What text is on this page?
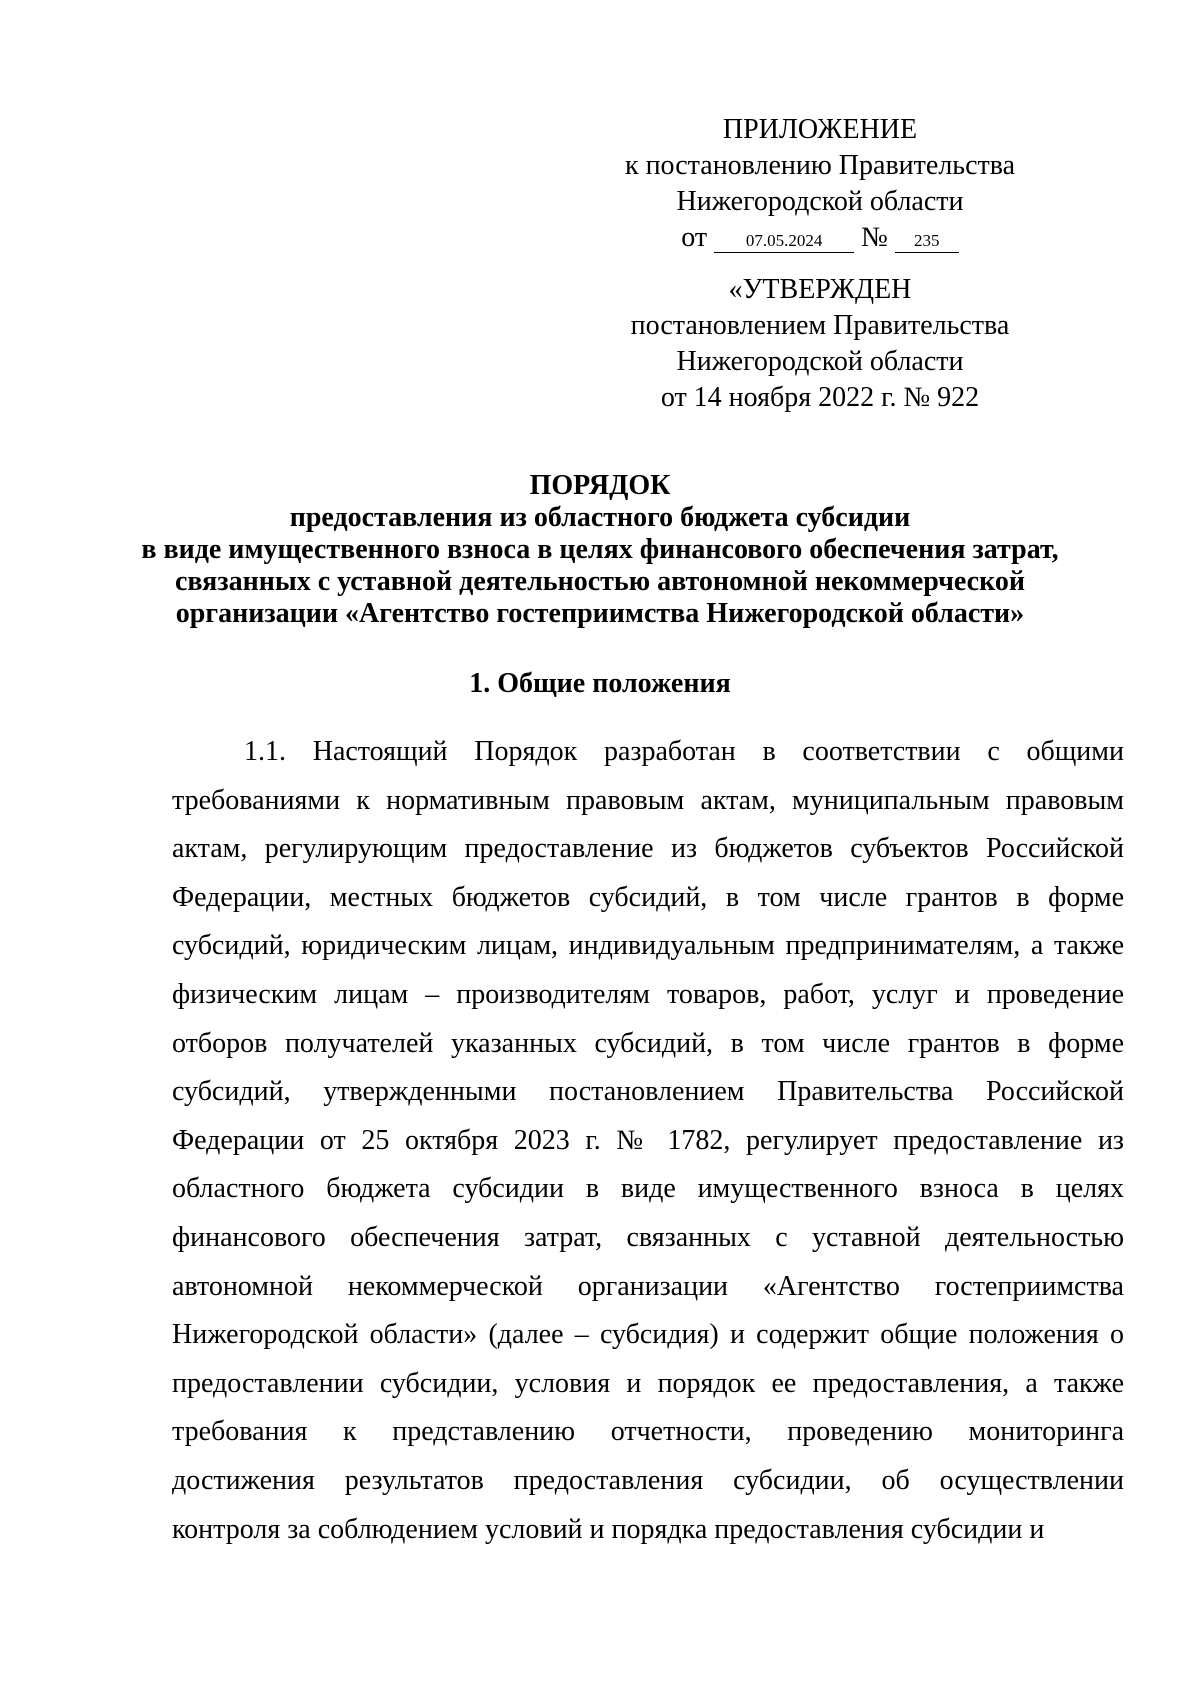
ПРИЛОЖЕНИЕ
к постановлению Правительства
Нижегородской области
от 07.05.2024 № 235
«УТВЕРЖДЕН
постановлением Правительства
Нижегородской области
от 14 ноября 2022 г. № 922
ПОРЯДОК
предоставления из областного бюджета субсидии
в виде имущественного взноса в целях финансового обеспечения затрат,
связанных с уставной деятельностью автономной некоммерческой
организации «Агентство гостеприимства Нижегородской области»
1. Общие положения

1.1. Настоящий Порядок разработан в соответствии с общими требованиями к нормативным правовым актам, муниципальным правовым актам, регулирующим предоставление из бюджетов субъектов Российской Федерации, местных бюджетов субсидий, в том числе грантов в форме субсидий, юридическим лицам, индивидуальным предпринимателям, а также физическим лицам – производителям товаров, работ, услуг и проведение отборов получателей указанных субсидий, в том числе грантов в форме субсидий, утвержденными постановлением Правительства Российской Федерации от 25 октября 2023 г. № 1782, регулирует предоставление из областного бюджета субсидии в виде имущественного взноса в целях финансового обеспечения затрат, связанных с уставной деятельностью автономной некоммерческой организации «Агентство гостеприимства Нижегородской области» (далее – субсидия) и содержит общие положения о предоставлении субсидии, условия и порядок ее предоставления, а также требования к представлению отчетности, проведению мониторинга достижения результатов предоставления субсидии, об осуществлении контроля за соблюдением условий и порядка предоставления субсидии и
